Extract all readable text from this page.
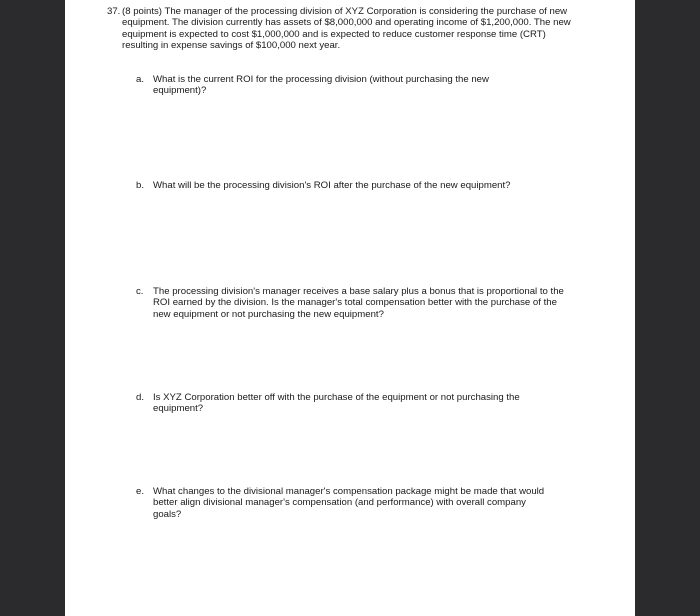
37. (8 points) The manager of the processing division of XYZ Corporation is considering the purchase of new equipment. The division currently has assets of $8,000,000 and operating income of $1,200,000. The new equipment is expected to cost $1,000,000 and is expected to reduce customer response time (CRT) resulting in expense savings of $100,000 next year.
a. What is the current ROI for the processing division (without purchasing the new equipment)?
b. What will be the processing division's ROI after the purchase of the new equipment?
c. The processing division's manager receives a base salary plus a bonus that is proportional to the ROI earned by the division. Is the manager's total compensation better with the purchase of the new equipment or not purchasing the new equipment?
d. Is XYZ Corporation better off with the purchase of the equipment or not purchasing the equipment?
e. What changes to the divisional manager's compensation package might be made that would better align divisional manager's compensation (and performance) with overall company goals?
